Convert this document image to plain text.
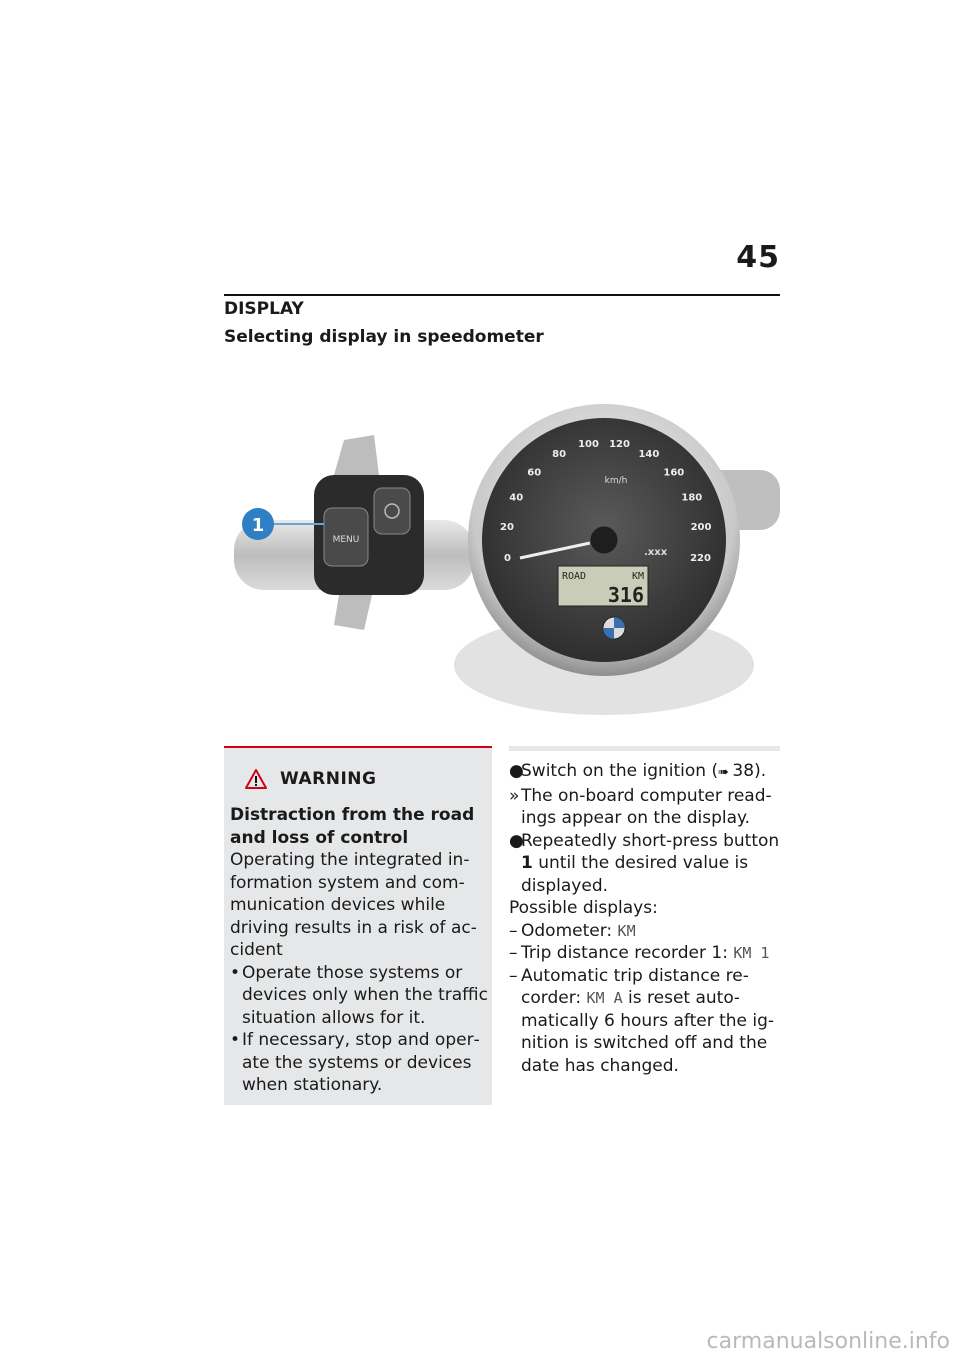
45
DISPLAY
Selecting display in speedometer
MENU
1
0
20
40
60
80
100 120
140
160
180
200
220
km/h
.xxx
ROAD	KM
316
WARNING
Distraction from the road and loss of control
Operating the integrated information system and communication devices while driving results in a risk of accident
• Operate those systems or devices only when the traffic situation allows for it.
• If necessary, stop and operate the systems or devices when stationary.
●
Switch on the ignition (➠  38).
» The on-board computer readings appear on the display.
●
Repeatedly short-press button 1 until the desired value is displayed.
Possible displays:
– Odometer: KM
– Trip distance recorder 1: KM 1
– Automatic trip distance recorder: KM A is reset automatically 6 hours after the ignition is switched off and the date has changed.
carmanualsonline.info
